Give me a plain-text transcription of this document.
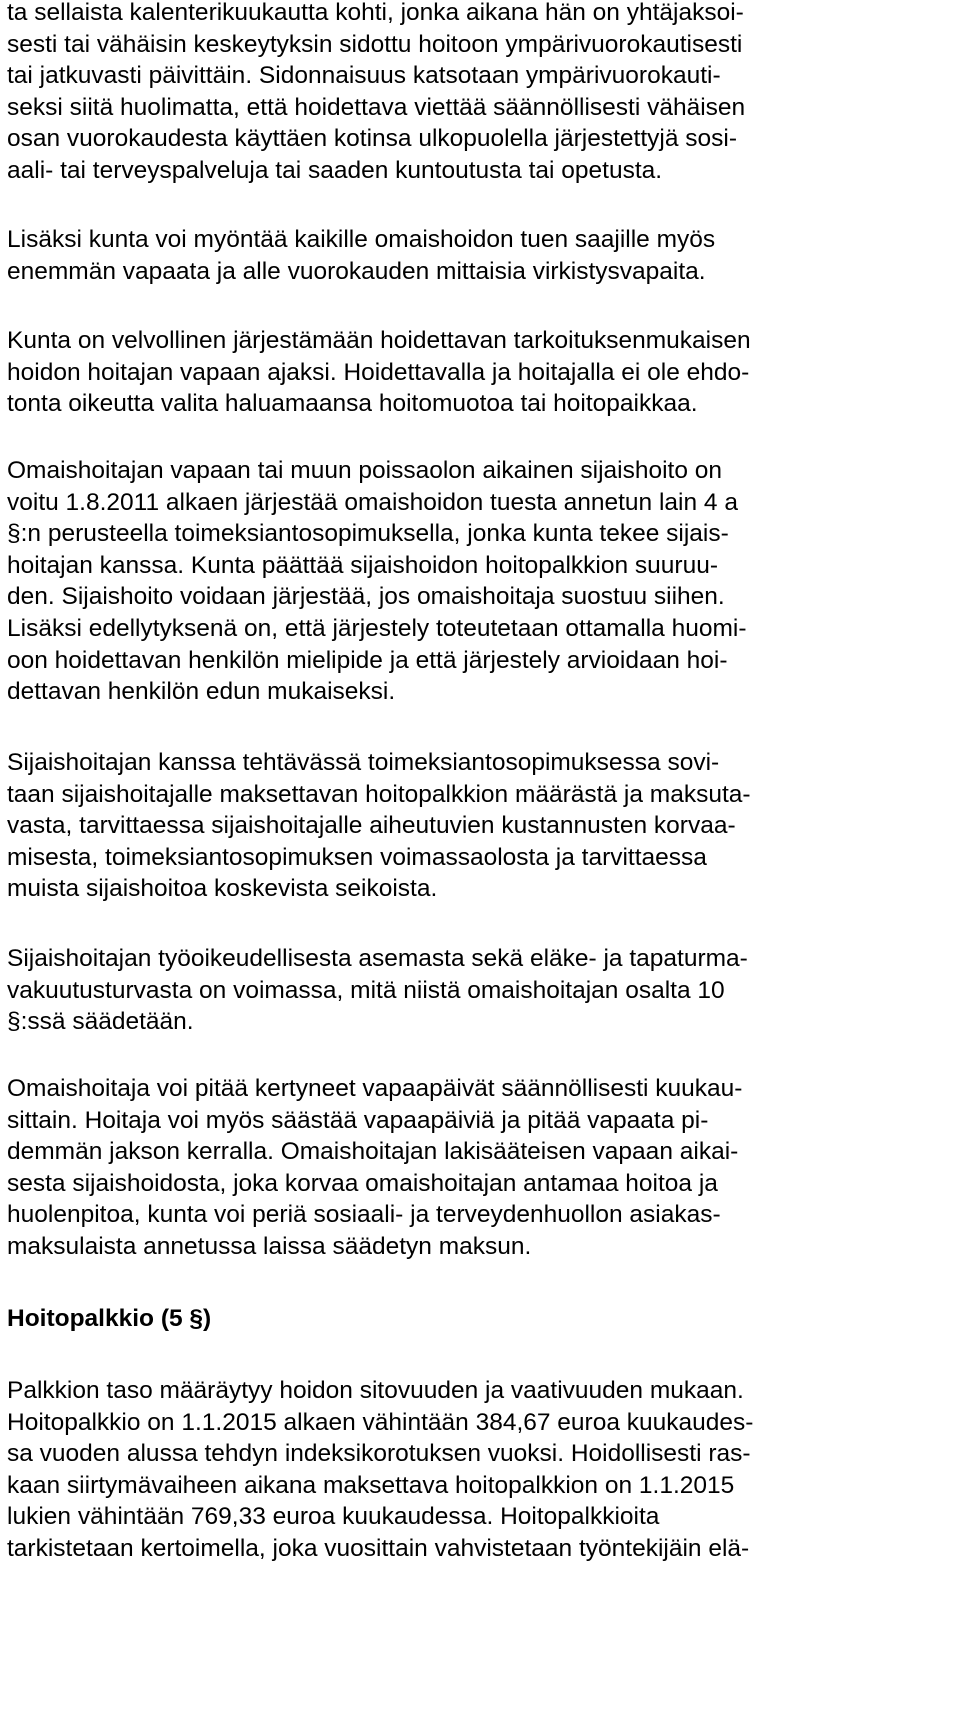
ta sellaista kalenterikuukautta kohti, jonka aikana hän on yhtäjaksoi-
sesti tai vähäisin keskeytyksin sidottu hoitoon ympärivuorokautisesti
tai jatkuvasti päivittäin. Sidonnaisuus katsotaan ympärivuorokauti-
seksi siitä huolimatta, että hoidettava viettää säännöllisesti vähäisen
osan vuorokaudesta käyttäen kotinsa ulkopuolella järjestettyjä sosi-
aali- tai terveyspalveluja tai saaden kuntoutusta tai opetusta.
Lisäksi kunta voi myöntää kaikille omaishoidon tuen saajille myös
enemmän vapaata ja alle vuorokauden mittaisia virkistysvapaita.
Kunta on velvollinen järjestämään hoidettavan tarkoituksenmukaisen
hoidon hoitajan vapaan ajaksi. Hoidettavalla ja hoitajalla ei ole ehdo-
tonta oikeutta valita haluamaansa hoitomuotoa tai hoitopaikkaa.
Omaishoitajan vapaan tai muun poissaolon aikainen sijaishoito on
voitu 1.8.2011 alkaen järjestää omaishoidon tuesta annetun lain 4 a
§:n perusteella toimeksiantosopimuksella, jonka kunta tekee sijais-
hoitajan kanssa. Kunta päättää sijaishoidon hoitopalkkion suuruu-
den. Sijaishoito voidaan järjestää, jos omaishoitaja suostuu siihen.
Lisäksi edellytyksenä on, että järjestely toteutetaan ottamalla huomi-
oon hoidettavan henkilön mielipide ja että järjestely arvioidaan hoi-
dettavan henkilön edun mukaiseksi.
Sijaishoitajan kanssa tehtävässä toimeksiantosopimuksessa sovi-
taan sijaishoitajalle maksettavan hoitopalkkion määrästä ja maksuta-
vasta, tarvittaessa sijaishoitajalle aiheutuvien kustannusten korvaa-
misesta, toimeksiantosopimuksen voimassaolosta ja tarvittaessa
muista sijaishoitoa koskevista seikoista.
Sijaishoitajan työoikeudellisesta asemasta sekä eläke- ja tapaturma-
vakuutusturvasta on voimassa, mitä niistä omaishoitajan osalta 10
§:ssä säädetään.
Omaishoitaja voi pitää kertyneet vapaapäivät säännöllisesti kuukau-
sittain. Hoitaja voi myös säästää vapaapäiviä ja pitää vapaata pi-
demmän jakson kerralla. Omaishoitajan lakisääteisen vapaan aikai-
sesta sijaishoidosta, joka korvaa omaishoitajan antamaa hoitoa ja
huolenpitoa, kunta voi periä sosiaali- ja terveydenhuollon asiakas-
maksulaista annetussa laissa säädetyn maksun.
Hoitopalkkio (5 §)
Palkkion taso määräytyy hoidon sitovuuden ja vaativuuden mukaan.
Hoitopalkkio on 1.1.2015 alkaen vähintään 384,67 euroa kuukaudes-
sa vuoden alussa tehdyn indeksikorotuksen vuoksi. Hoidollisesti ras-
kaan siirtymävaiheen aikana maksettava hoitopalkkion on 1.1.2015
lukien vähintään 769,33 euroa kuukaudessa. Hoitopalkkioita
tarkistetaan kertoimella, joka vuosittain vahvistetaan työntekijäin elä-
